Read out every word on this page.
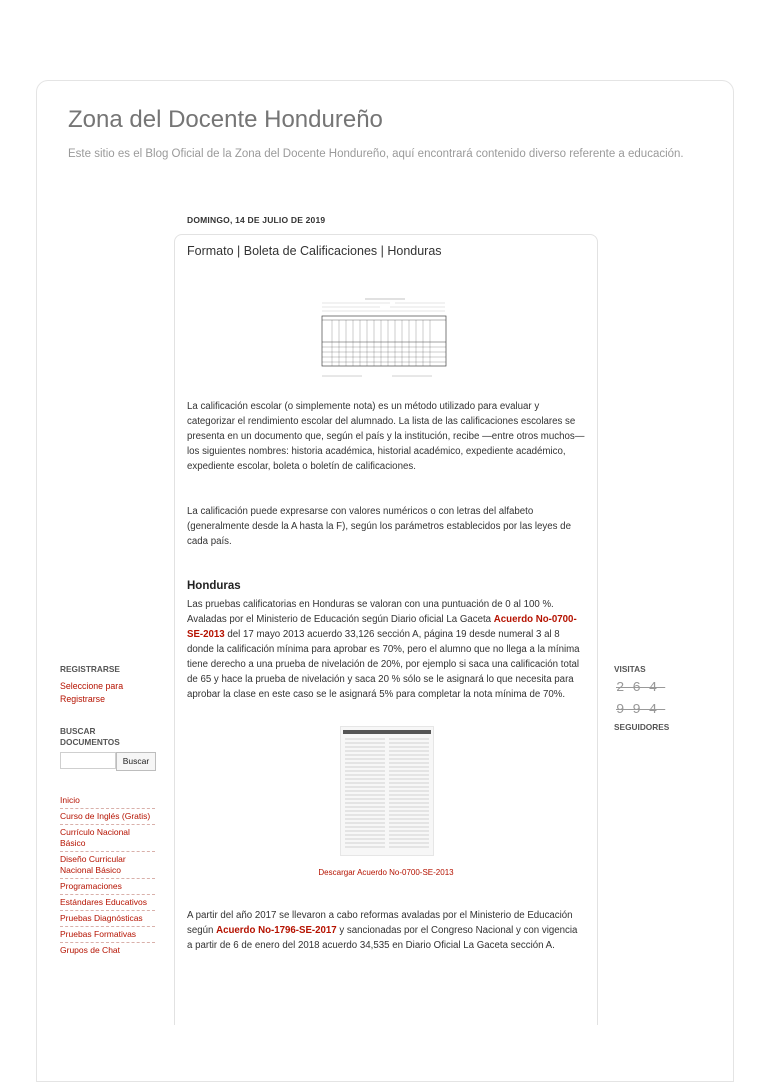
Zona del Docente Hondureño
Este sitio es el Blog Oficial de la Zona del Docente Hondureño, aquí encontrará contenido diverso referente a educación.
DOMINGO, 14 DE JULIO DE 2019
Formato | Boleta de Calificaciones | Honduras

La calificación escolar (o simplemente nota) es un método utilizado para evaluar y categorizar el rendimiento escolar del alumnado. La lista de las calificaciones escolares se presenta en un documento que, según el país y la institución, recibe —entre otros muchos— los siguientes nombres: historia académica, historial académico, expediente académico, expediente escolar, boleta o boletín de calificaciones.

La calificación puede expresarse con valores numéricos o con letras del alfabeto (generalmente desde la A hasta la F), según los parámetros establecidos por las leyes de cada país.

Honduras

Las pruebas calificatorias en Honduras se valoran con una puntuación de 0 al 100 %. Avaladas por el Ministerio de Educación según Diario oficial La Gaceta Acuerdo No-0700-SE-2013 del 17 mayo 2013 acuerdo 33,126 sección A, página 19 desde numeral 3 al 8 donde la calificación mínima para aprobar es 70%, pero el alumno que no llega a la mínima tiene derecho a una prueba de nivelación de 20%, por ejemplo si saca una calificación total de 65 y hace la prueba de nivelación y saca 20 % sólo se le asignará lo que necesita para aprobar la clase en este caso se le asignará 5% para completar la nota mínima de 70%.

Descargar Acuerdo No-0700-SE-2013

A partir del año 2017 se llevaron a cabo reformas avaladas por el Ministerio de Educación según Acuerdo No-1796-SE-2017 y sancionadas por el Congreso Nacional y con vigencia a partir de 6 de enero del 2018 acuerdo 34,535 en Diario Oficial La Gaceta sección A.

REGISTRARSE
Seleccione para Registrarse
BUSCAR DOCUMENTOS
Buscar
Inicio
Curso de Inglés (Gratis)
Currículo Nacional Básico
Diseño Curricular Nacional Básico
Programaciones
Estándares Educativos
Pruebas Diagnósticas
Pruebas Formativas
Grupos de Chat
VISITAS
264
994
SEGUIDORES
